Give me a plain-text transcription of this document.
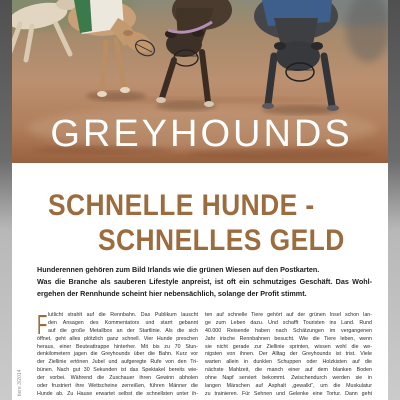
GREYHOUNDS
SCHNELLE HUNDE -
SCHNELLES GELD
Hunderennen gehören zum Bild Irlands wie die grünen Wiesen auf den Postkarten.
Was die Branche als sauberen Lifestyle anpreist, ist oft ein schmutziges Geschäft. Das Wohl-
ergehen der Rennhunde scheint hier nebensächlich, solange der Profit stimmt.
F lutlicht strahlt auf die Rennbahn. Das Publikum lauscht
den Ansagen des Kommentators und starrt gebannt
auf die große Metallbox an der Startlinie. Als die sich
öffnet, geht alles plötzlich ganz schnell. Vier Hunde preschen
heraus, einer Beuteattrappe hinterher. Mit bis zu 70 Stun-
denkilometern jagen die Greyhounds über die Bahn. Kurz vor
der Ziellinie ertönen Jubel und aufgeregte Rufe von den Tri-
bünen. Nach gut 30 Sekunden ist das Spektakel bereits wie-
der vorbei. Während die Zuschauer ihren Gewinn abholen
oder frustriert ihre Wettscheine zerreißen, führen Männer die
Hunde ab. Zu Hause erwartet selbst die schnellsten unter ih-
ten auf schnelle Tiere gehört auf der grünen Insel schon lan-
ge zum Leben dazu. Und schafft Touristen ins Land. Rund
40.000 Reisende haben nach Schätzungen im vergangenen
Jahr irische Rennbahnen besucht. Wie die Tiere leben, wenn
sie nicht gerade zur Ziellinie sprinten, wissen wohl die we-
nigsten von ihnen. Der Alltag der Greyhounds ist trist. Viele
warten allein in dunklen Schuppen oder Holzkisten auf die
nächste Mahlzeit, die manch einer auf dem blanken Boden
ohne Napf serviert bekommt. Zwischendurch werden sie in
langen Märschen auf Asphalt „gewalkt“, um die Muskulatur
zu trainieren. Für Sehnen und Gelenke eine Tortur. Dann geht
tiere 3/2014
